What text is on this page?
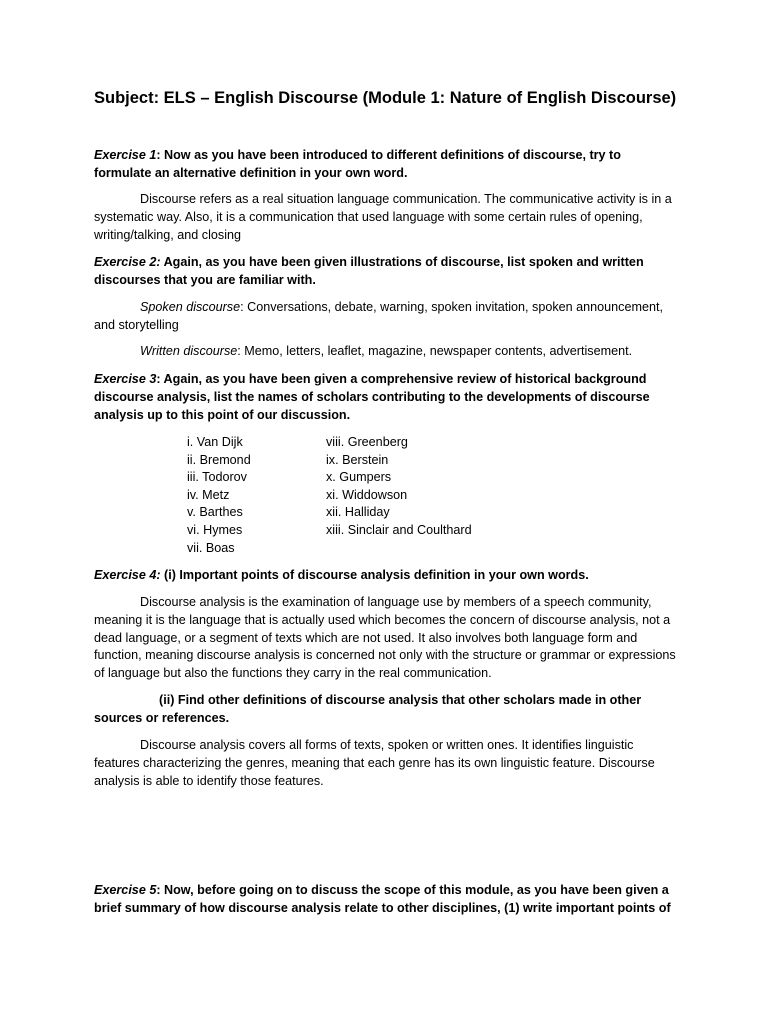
Subject: ELS – English Discourse (Module 1: Nature of English Discourse)
Exercise 1: Now as you have been introduced to different definitions of discourse, try to formulate an alternative definition in your own word.
Discourse refers as a real situation language communication. The communicative activity is in a systematic way. Also, it is a communication that used language with some certain rules of opening, writing/talking, and closing
Exercise 2: Again, as you have been given illustrations of discourse, list spoken and written discourses that you are familiar with.
Spoken discourse: Conversations, debate, warning, spoken invitation, spoken announcement, and storytelling
Written discourse: Memo, letters, leaflet, magazine, newspaper contents, advertisement.
Exercise 3: Again, as you have been given a comprehensive review of historical background discourse analysis, list the names of scholars contributing to the developments of discourse analysis up to this point of our discussion.
i. Van Dijk
ii. Bremond
iii. Todorov
iv. Metz
v. Barthes
vi. Hymes
vii. Boas
viii. Greenberg
ix. Berstein
x. Gumpers
xi. Widdowson
xii. Halliday
xiii. Sinclair and Coulthard
Exercise 4: (i) Important points of discourse analysis definition in your own words.
Discourse analysis is the examination of language use by members of a speech community, meaning it is the language that is actually used which becomes the concern of discourse analysis, not a dead language, or a segment of texts which are not used. It also involves both language form and function, meaning discourse analysis is concerned not only with the structure or grammar or expressions of language but also the functions they carry in the real communication.
(ii) Find other definitions of discourse analysis that other scholars made in other sources or references.
Discourse analysis covers all forms of texts, spoken or written ones. It identifies linguistic features characterizing the genres, meaning that each genre has its own linguistic feature. Discourse analysis is able to identify those features.
Exercise 5: Now, before going on to discuss the scope of this module, as you have been given a brief summary of how discourse analysis relate to other disciplines, (1) write important points of
